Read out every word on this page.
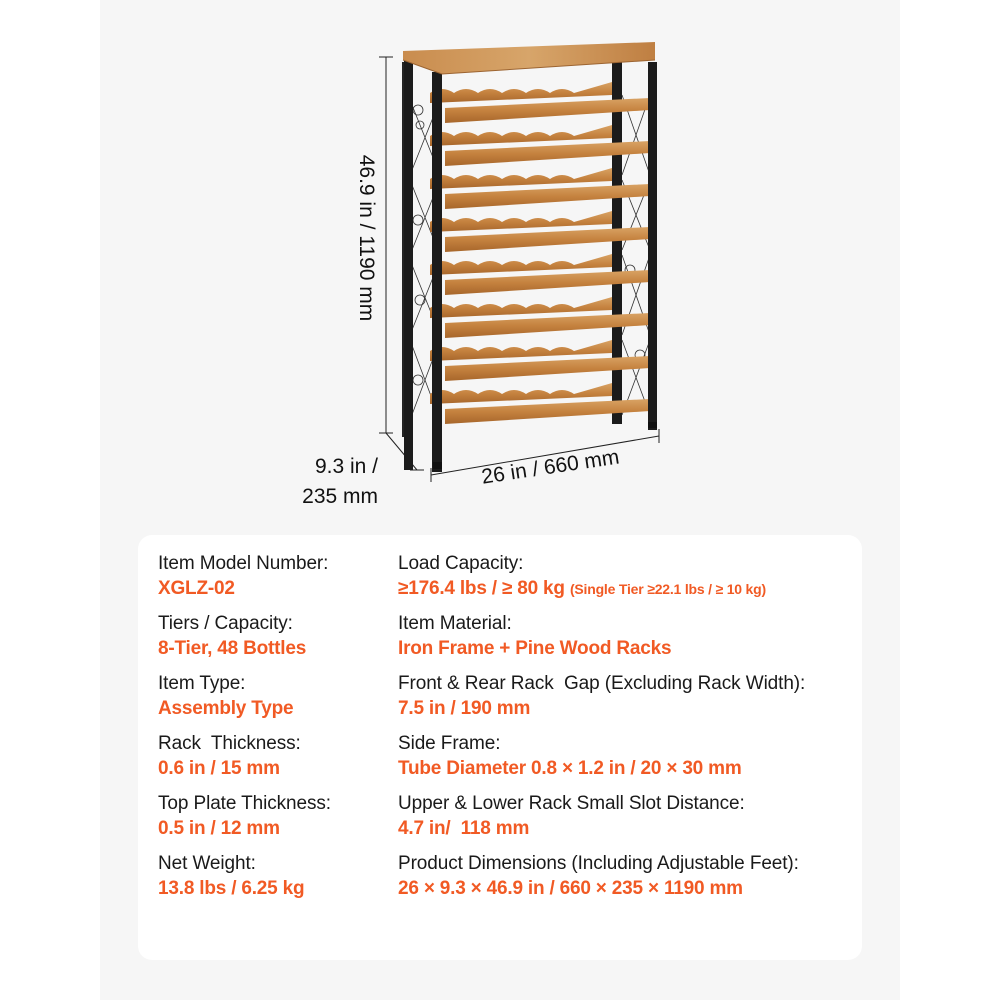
46.9 in / 1190 mm
9.3 in /
235 mm
26 in / 660 mm
Item Model Number:
XGLZ-02
Tiers / Capacity:
8-Tier, 48 Bottles
Item Type:
Assembly Type
Rack  Thickness:
0.6 in / 15 mm
Top Plate Thickness:
0.5 in / 12 mm
Net Weight:
13.8 lbs / 6.25 kg
Load Capacity:
≥176.4 lbs / ≥ 80 kg (Single Tier ≥22.1 lbs / ≥ 10 kg)
Item Material:
Iron Frame + Pine Wood Racks
Front & Rear Rack  Gap (Excluding Rack Width):
7.5 in / 190 mm
Side Frame:
Tube Diameter 0.8 × 1.2 in / 20 × 30 mm
Upper & Lower Rack Small Slot Distance:
4.7 in/  118 mm
Product Dimensions (Including Adjustable Feet):
26 × 9.3 × 46.9 in / 660 × 235 × 1190 mm
